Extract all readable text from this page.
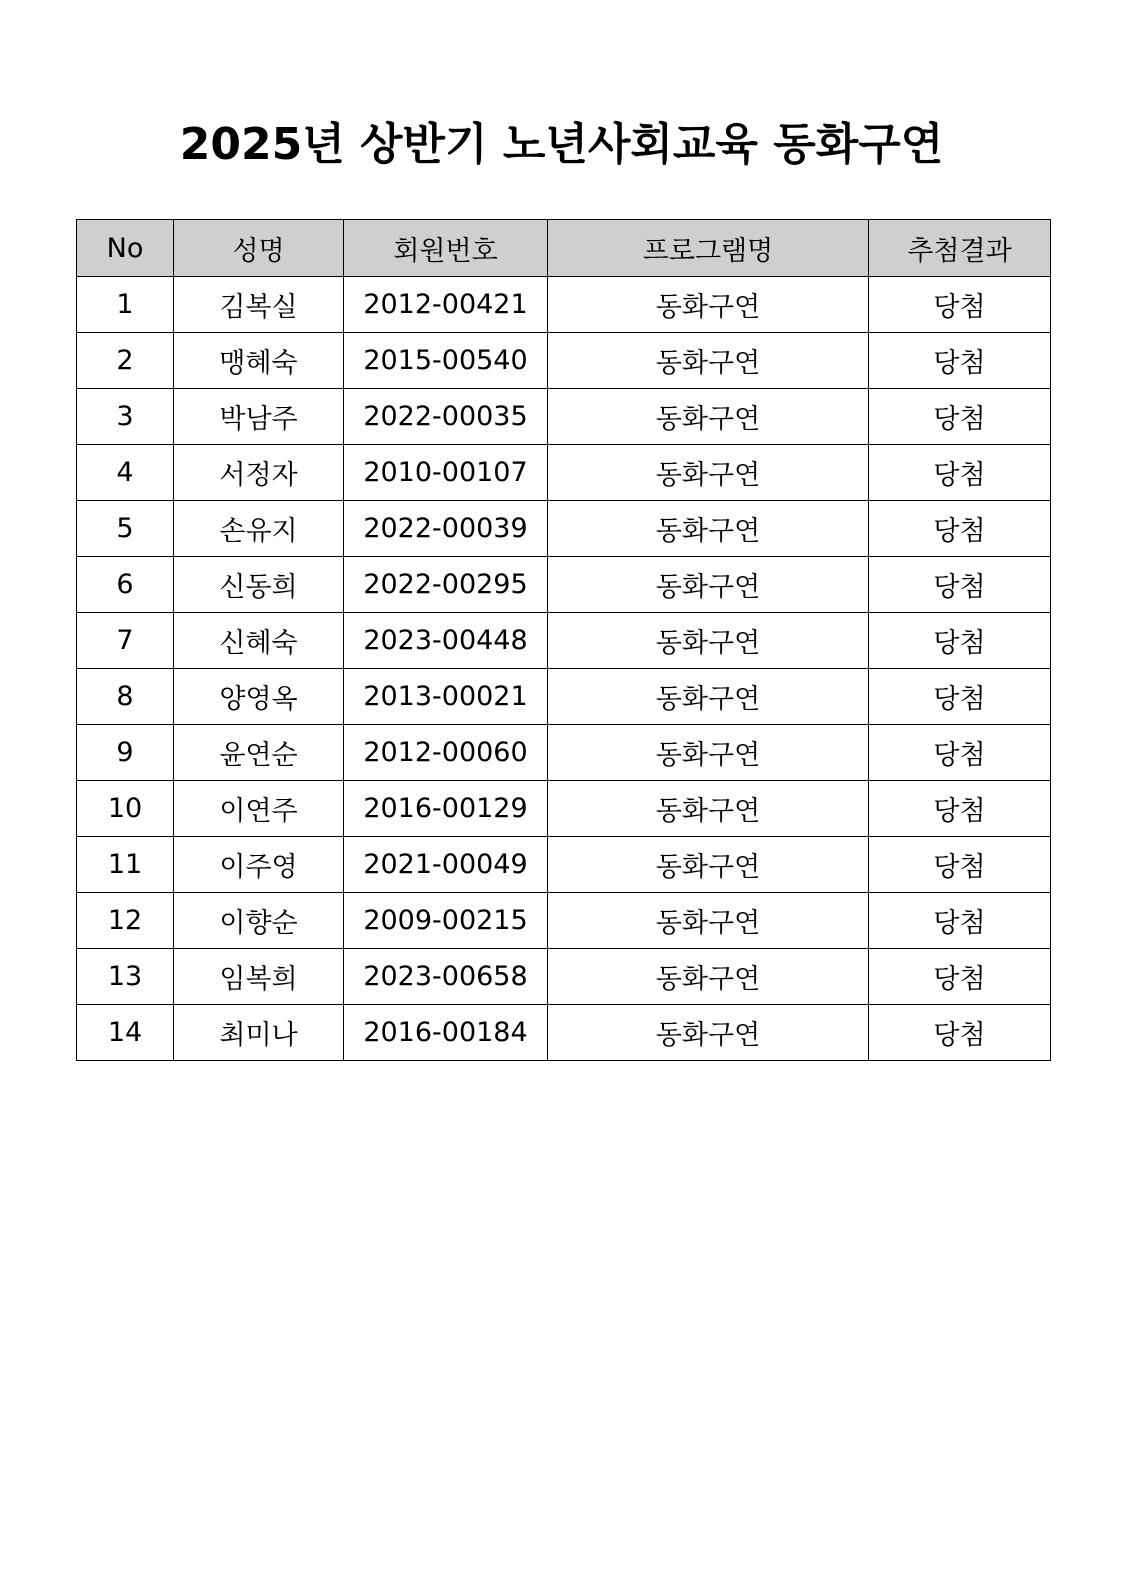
2025년 상반기 노년사회교육 동화구연
No	성명	회원번호	프로그램명	추첨결과
1	김복실	2012-00421	동화구연	당첨
2	맹혜숙	2015-00540	동화구연	당첨
3	박남주	2022-00035	동화구연	당첨
4	서정자	2010-00107	동화구연	당첨
5	손유지	2022-00039	동화구연	당첨
6	신동희	2022-00295	동화구연	당첨
7	신혜숙	2023-00448	동화구연	당첨
8	양영옥	2013-00021	동화구연	당첨
9	윤연순	2012-00060	동화구연	당첨
10	이연주	2016-00129	동화구연	당첨
11	이주영	2021-00049	동화구연	당첨
12	이향순	2009-00215	동화구연	당첨
13	임복희	2023-00658	동화구연	당첨
14	최미나	2016-00184	동화구연	당첨
